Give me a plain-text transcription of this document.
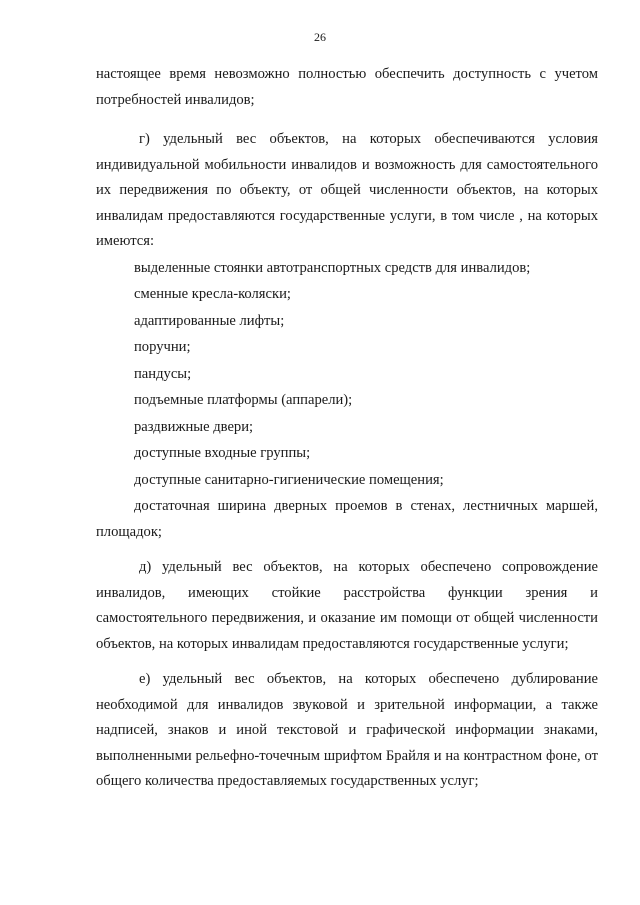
26

настоящее время невозможно полностью обеспечить доступность с учетом потребностей инвалидов;

г) удельный вес объектов, на которых обеспечиваются условия индивидуальной мобильности инвалидов и возможность для самостоятельного их передвижения по объекту, от общей численности объектов, на которых инвалидам предоставляются государственные услуги, в том числе , на которых имеются:

выделенные стоянки автотранспортных средств для инвалидов;

сменные кресла-коляски;

адаптированные лифты;

поручни;

пандусы;

подъемные платформы (аппарели);

раздвижные двери;

доступные входные группы;

доступные санитарно-гигиенические помещения;

достаточная ширина дверных проемов в стенах, лестничных маршей, площадок;

д) удельный вес объектов, на которых обеспечено сопровождение инвалидов, имеющих стойкие расстройства функции зрения и самостоятельного передвижения, и оказание им помощи от общей численности объектов, на которых инвалидам предоставляются государственные услуги;

е) удельный вес объектов, на которых обеспечено дублирование необходимой для инвалидов звуковой и зрительной информации, а также надписей, знаков и иной текстовой и графической информации знаками, выполненными рельефно-точечным шрифтом Брайля и на контрастном фоне, от общего количества предоставляемых государственных услуг;
